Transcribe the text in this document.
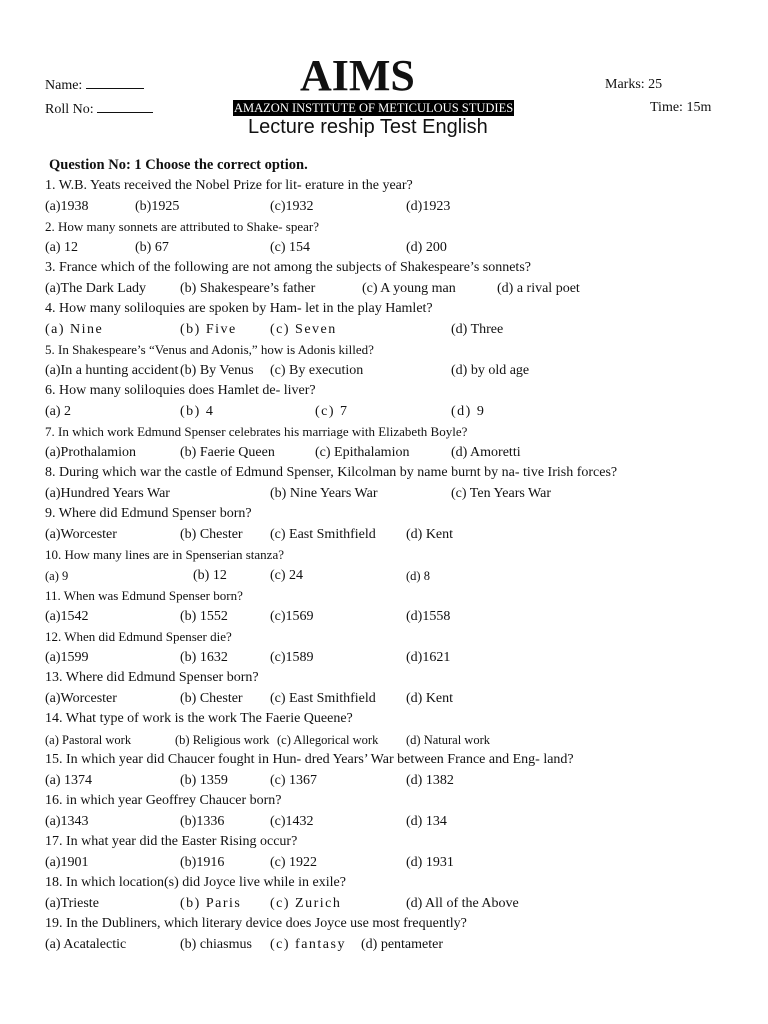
AIMS
Name:
Roll No:	AMAZON INSTITUTE OF METICULOUS STUDIES
Marks: 25
Time: 15m
Lecture reship Test English
Question No: 1 Choose the correct option.
1. W.B. Yeats received the Nobel Prize for lit- erature in the year?
(a)1938	(b)1925	(c)1932	(d)1923
2. How many sonnets are attributed to Shake- spear?
(a) 12	(b) 67	(c) 154	(d) 200
3. France which of the following are not among the subjects of Shakespeare’s sonnets?
(a)The Dark Lady (b) Shakespeare’s father	(c) A young man	(d) a rival poet
4. How many soliloquies are spoken by Ham- let in the play Hamlet?
(a) Nine	(b) Five (c) Seven	(d) Three
5. In Shakespeare’s “Venus and Adonis,” how is Adonis killed?
(a)In a hunting accident (b) By Venus (c) By execution	(d) by old age
6. How many soliloquies does Hamlet de- liver?
(a) 2	(b) 4	(c) 7	(d) 9
7. In which work Edmund Spenser celebrates his marriage with Elizabeth Boyle?
(a)Prothalamion	(b) Faerie Queen	(c) Epithalamion	(d) Amoretti
8. During which war the castle of Edmund Spenser, Kilcolman by name burnt by na- tive Irish forces?
(a)Hundred Years War	(b) Nine Years War	(c) Ten Years War
9. Where did Edmund Spenser born?
(a)Worcester	(b) Chester (c) East Smithfield (d) Kent
10. How many lines are in Spenserian stanza?
(a) 9	(b) 12	(c) 24	(d) 8
11. When was Edmund Spenser born?
(a)1542	(b) 1552	(c)1569	(d)1558
12. When did Edmund Spenser die?
(a)1599	(b) 1632	(c)1589	(d)1621
13. Where did Edmund Spenser born?
(a)Worcester	(b) Chester (c) East Smithfield (d) Kent
14. What type of work is the work The Faerie Queene?
(a) Pastoral work	(b) Religious work (c) Allegorical work (d) Natural work
15. In which year did Chaucer fought in Hun- dred Years’ War between France and Eng- land?
(a) 1374	(b) 1359	(c) 1367	(d) 1382
16. in which year Geoffrey Chaucer born?
(a)1343	(b)1336	(c)1432	(d) 134
17. In what year did the Easter Rising occur?
(a)1901	(b)1916	(c) 1922	(d) 1931
18. In which location(s) did Joyce live while in exile?
(a)Trieste	(b) Paris (c) Zurich	(d) All of the Above
19. In the Dubliners, which literary device does Joyce use most frequently?
(a) Acatalectic	(b) chiasmus (c) fantasy (d) pentameter
